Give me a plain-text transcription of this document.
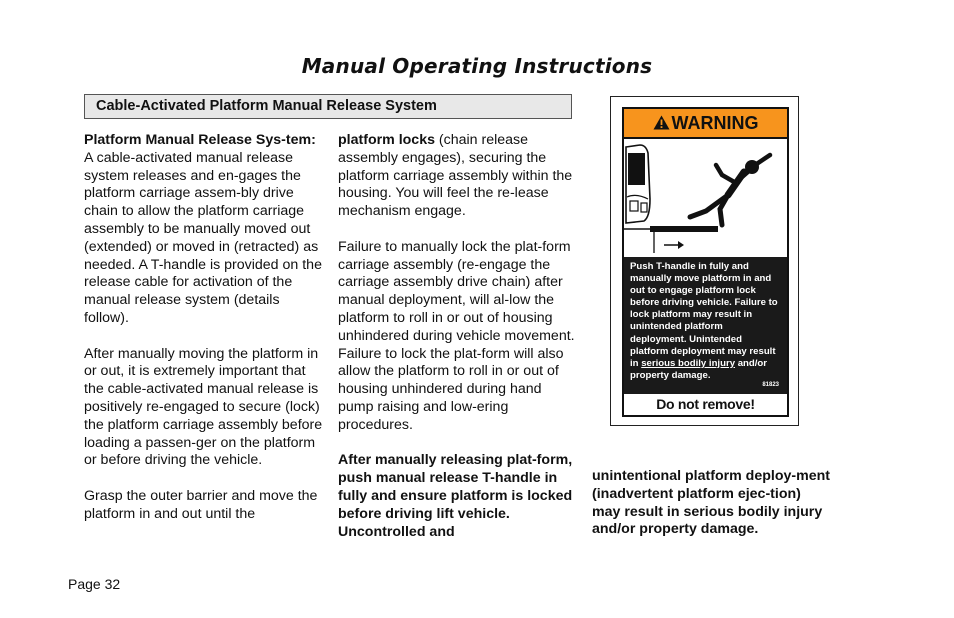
Manual Operating Instructions
Cable-Activated Platform Manual Release System

Platform Manual Release Sys-tem: A cable-activated manual release system releases and en-gages the platform carriage assem-bly drive chain to allow the platform carriage assembly to be manually moved out (extended) or moved in (retracted) as needed. A T-handle is provided on the release cable for activation of the manual release system (details follow).

After manually moving the platform in or out, it is extremely important that the cable-activated manual release is positively re-engaged to secure (lock) the platform carriage assembly before loading a passen-ger on the platform or before driving the vehicle.

Grasp the outer barrier and move the platform in and out until the

platform locks (chain release assembly engages), securing the platform carriage assembly within the housing. You will feel the re-lease mechanism engage.

Failure to manually lock the plat-form carriage assembly (re-engage the carriage assembly drive chain) after manual deployment, will al-low the platform to roll in or out of housing unhindered during vehicle movement. Failure to lock the plat-form will also allow the platform to roll in or out of housing unhindered during hand pump raising and low-ering procedures.

After manually releasing plat-form, push manual release T-handle in fully and ensure platform is locked before driving lift vehicle. Uncontrolled and

unintentional platform deploy-ment (inadvertent platform ejec-tion) may result in serious bodily injury and/or property damage.

WARNING
Push T-handle in fully and manually move platform in and out to engage platform lock before driving vehicle. Failure to lock platform may result in unintended platform deployment. Unintended platform deployment may result in serious bodily injury and/or property damage.
81823
Do not remove!
Page 32
